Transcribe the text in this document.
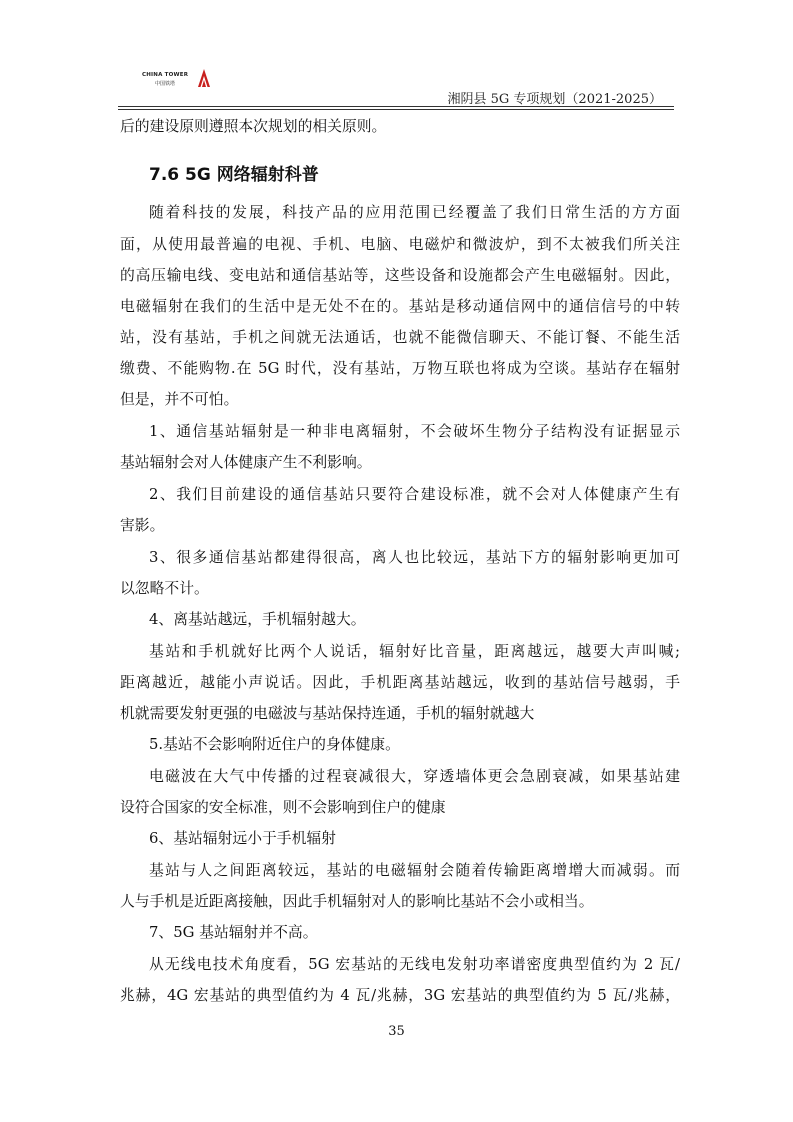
CHINA TOWER
中国铁塔
湘阴县 5G 专项规划（2021-2025）
后的建设原则遵照本次规划的相关原则。
7.6 5G 网络辐射科普
随着科技的发展，科技产品的应用范围已经覆盖了我们日常生活的方方面
面，从使用最普遍的电视、手机、电脑、电磁炉和微波炉，到不太被我们所关注
的高压输电线、变电站和通信基站等，这些设备和设施都会产生电磁辐射。因此，
电磁辐射在我们的生活中是无处不在的。基站是移动通信网中的通信信号的中转
站，没有基站，手机之间就无法通话，也就不能微信聊天、不能订餐、不能生活
缴费、不能购物.在 5G 时代，没有基站，万物互联也将成为空谈。基站存在辐射
但是，并不可怕。
1、通信基站辐射是一种非电离辐射，不会破坏生物分子结构没有证据显示
基站辐射会对人体健康产生不利影响。
2、我们目前建设的通信基站只要符合建设标准，就不会对人体健康产生有
害影。
3、很多通信基站都建得很高，离人也比较远，基站下方的辐射影响更加可
以忽略不计。
4、离基站越远，手机辐射越大。
基站和手机就好比两个人说话，辐射好比音量，距离越远，越要大声叫喊;
距离越近，越能小声说话。因此，手机距离基站越远，收到的基站信号越弱，手
机就需要发射更强的电磁波与基站保持连通，手机的辐射就越大
5.基站不会影响附近住户的身体健康。
电磁波在大气中传播的过程衰减很大，穿透墙体更会急剧衰减，如果基站建
设符合国家的安全标准，则不会影响到住户的健康
6、基站辐射远小于手机辐射
基站与人之间距离较远，基站的电磁辐射会随着传输距离增增大而减弱。而
人与手机是近距离接触，因此手机辐射对人的影响比基站不会小或相当。
7、5G 基站辐射并不高。
从无线电技术角度看，5G 宏基站的无线电发射功率谱密度典型值约为 2 瓦/
兆赫，4G 宏基站的典型值约为 4 瓦/兆赫，3G 宏基站的典型值约为 5 瓦/兆赫，
35
